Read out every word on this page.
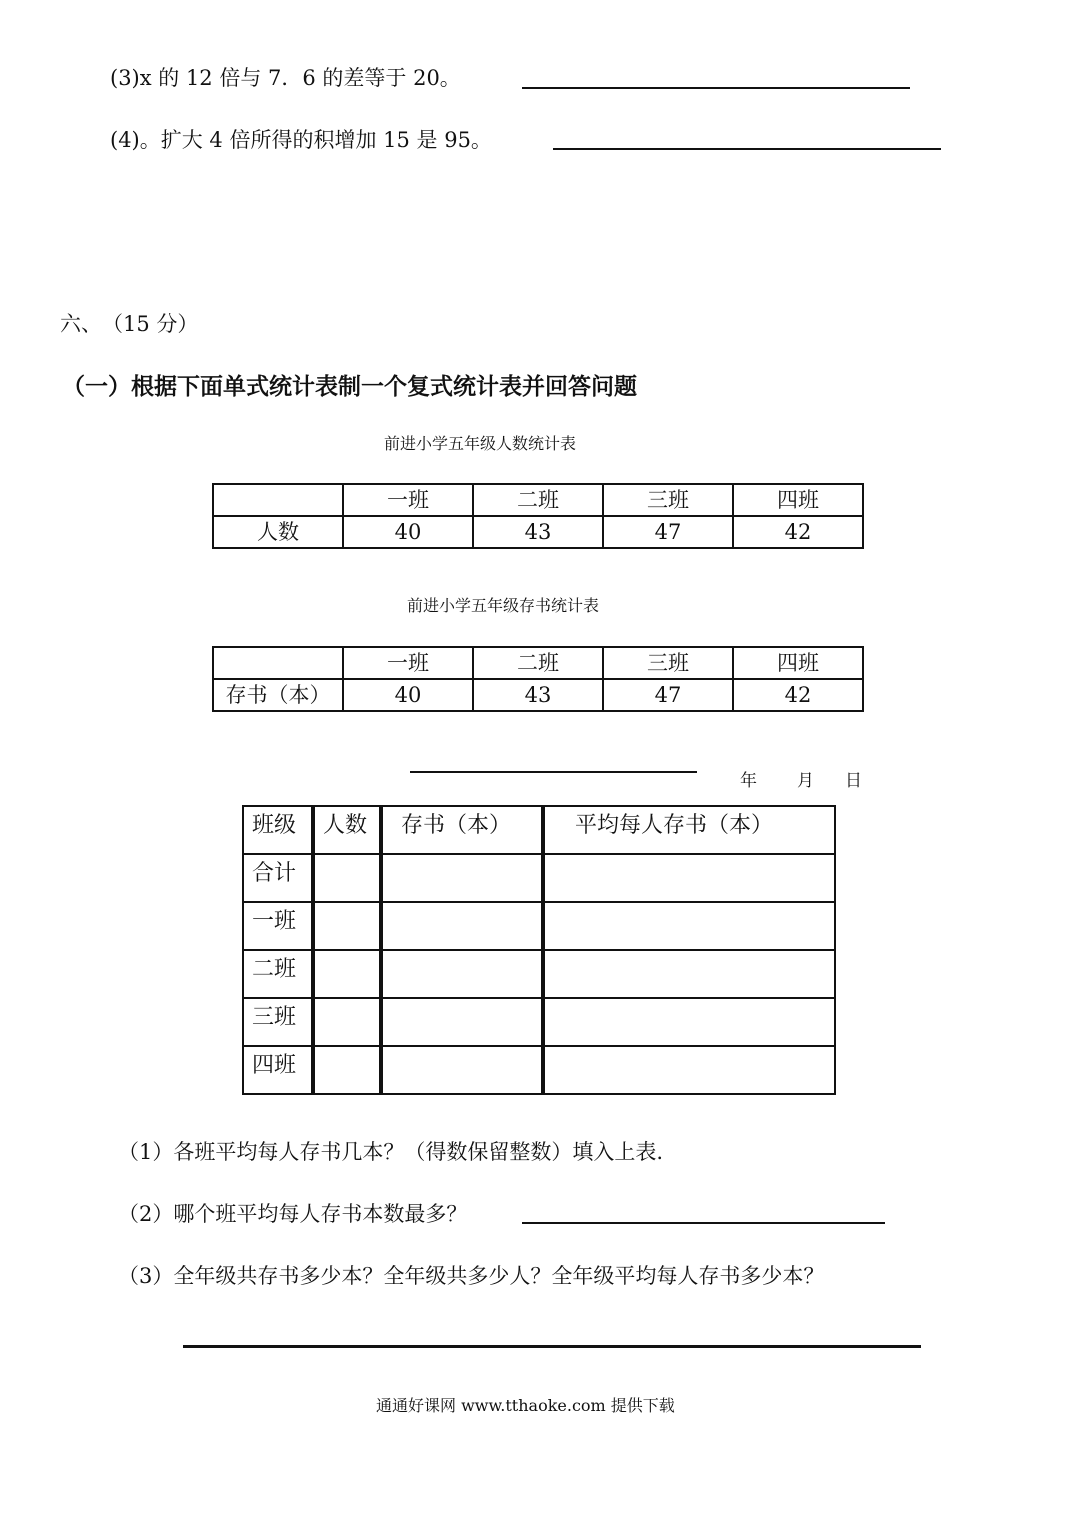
(3)x 的 12 倍与 7．6 的差等于 20。
(4)。扩大 4 倍所得的积增加 15 是 95。
六、　（15 分）
（一）根据下面单式统计表制一个复式统计表并回答问题
前进小学五年级人数统计表
	一班	二班	三班	四班
人数	40	43	47	42
前进小学五年级存书统计表
	一班	二班	三班	四班
存书（本）	40	43	47	42
年 月 日
班级	人数	存书（本）	平均每人存书（本）
合计			
一班			
二班			
三班			
四班			
（1）各班平均每人存书几本？（得数保留整数）填入上表.
（2）哪个班平均每人存书本数最多？
（3）全年级共存书多少本？全年级共多少人？全年级平均每人存书多少本？
通通好课网 www.tthaoke.com 提供下载
